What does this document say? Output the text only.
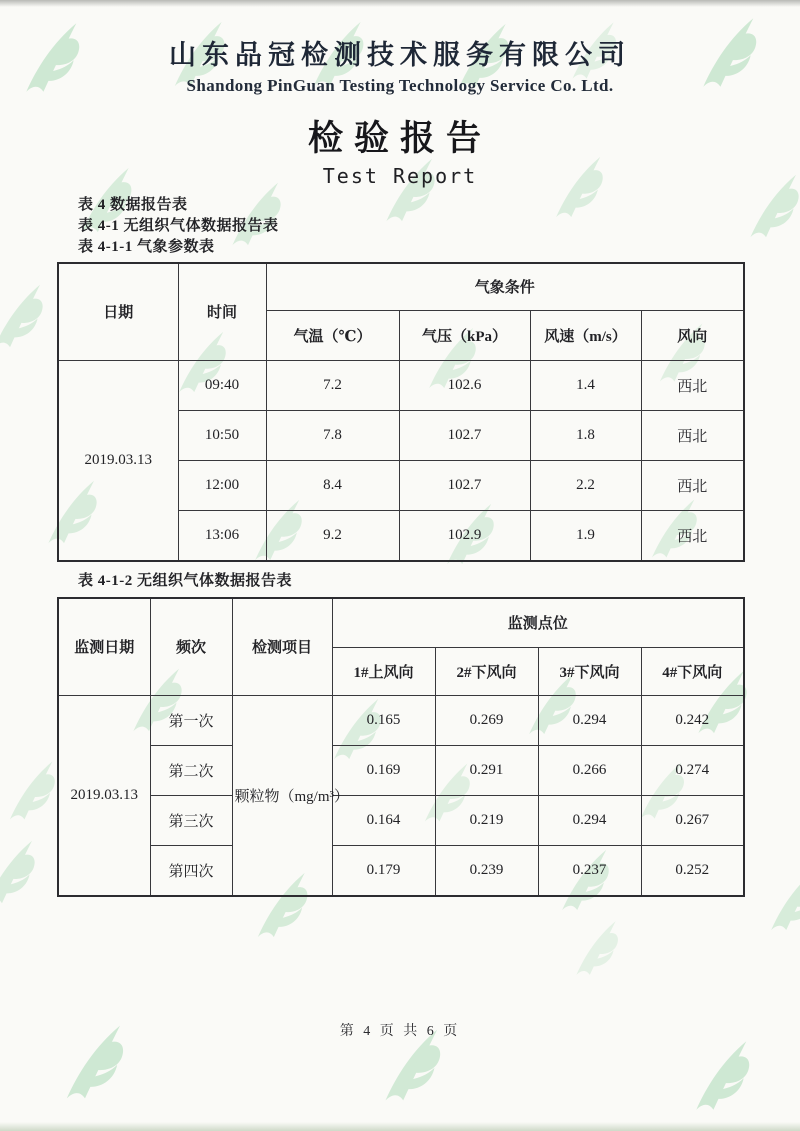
山东品冠检测技术服务有限公司
Shandong PinGuan Testing Technology Service Co. Ltd.
检验报告
Test Report
表 4 数据报告表
表 4-1 无组织气体数据报告表
表 4-1-1 气象参数表
日期	时间	气象条件			
		气温（℃）	气压（kPa）	风速（m/s）	风向
2019.03.13	09:40	7.2	102.6	1.4	西北
	10:50	7.8	102.7	1.8	西北
	12:00	8.4	102.7	2.2	西北
	13:06	9.2	102.9	1.9	西北
表 4-1-2 无组织气体数据报告表
监测日期	频次	检测项目	监测点位			
			1#上风向	2#下风向	3#下风向	4#下风向
2019.03.13	第一次	颗粒物（mg/m³）	0.165	0.269	0.294	0.242
	第二次		0.169	0.291	0.266	0.274
	第三次		0.164	0.219	0.294	0.267
	第四次		0.179	0.239	0.237	0.252
第 4 页 共 6 页
